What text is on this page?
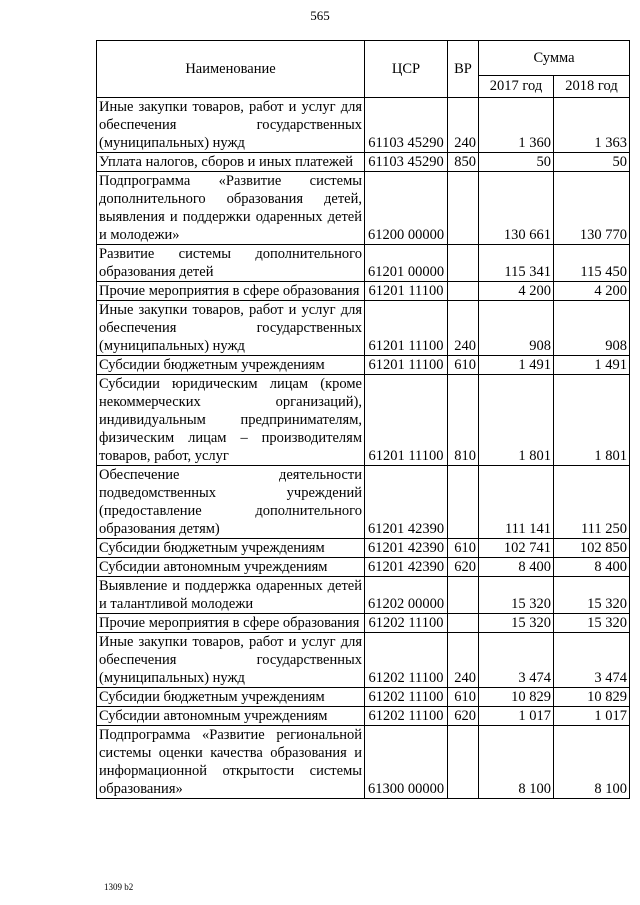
565
Наименование	ЦСР	ВР	Сумма	
			2017 год	2018 год
Иные закупки товаров, работ и услуг для обеспечения государственных (муниципальных) нужд	61103 45290	240	1 360	1 363
Уплата налогов, сборов и иных платежей	61103 45290	850	50	50
Подпрограмма «Развитие системы дополнительного образования детей, выявления и поддержки одаренных детей и молодежи»	61200 00000		130 661	130 770
Развитие системы дополнительного образования детей	61201 00000		115 341	115 450
Прочие мероприятия в сфере образования	61201 11100		4 200	4 200
Иные закупки товаров, работ и услуг для обеспечения государственных (муниципальных) нужд	61201 11100	240	908	908
Субсидии бюджетным учреждениям	61201 11100	610	1 491	1 491
Субсидии юридическим лицам (кроме некоммерческих организаций), индивидуальным предпринимателям, физическим лицам – производителям товаров, работ, услуг	61201 11100	810	1 801	1 801
Обеспечение деятельности подведомственных учреждений (предоставление дополнительного образования детям)	61201 42390		111 141	111 250
Субсидии бюджетным учреждениям	61201 42390	610	102 741	102 850
Субсидии автономным учреждениям	61201 42390	620	8 400	8 400
Выявление и поддержка одаренных детей и талантливой молодежи	61202 00000		15 320	15 320
Прочие мероприятия в сфере образования	61202 11100		15 320	15 320
Иные закупки товаров, работ и услуг для обеспечения государственных (муниципальных) нужд	61202 11100	240	3 474	3 474
Субсидии бюджетным учреждениям	61202 11100	610	10 829	10 829
Субсидии автономным учреждениям	61202 11100	620	1 017	1 017
Подпрограмма «Развитие региональной системы оценки качества образования и информационной открытости системы образования»	61300 00000		8 100	8 100
1309 b2
